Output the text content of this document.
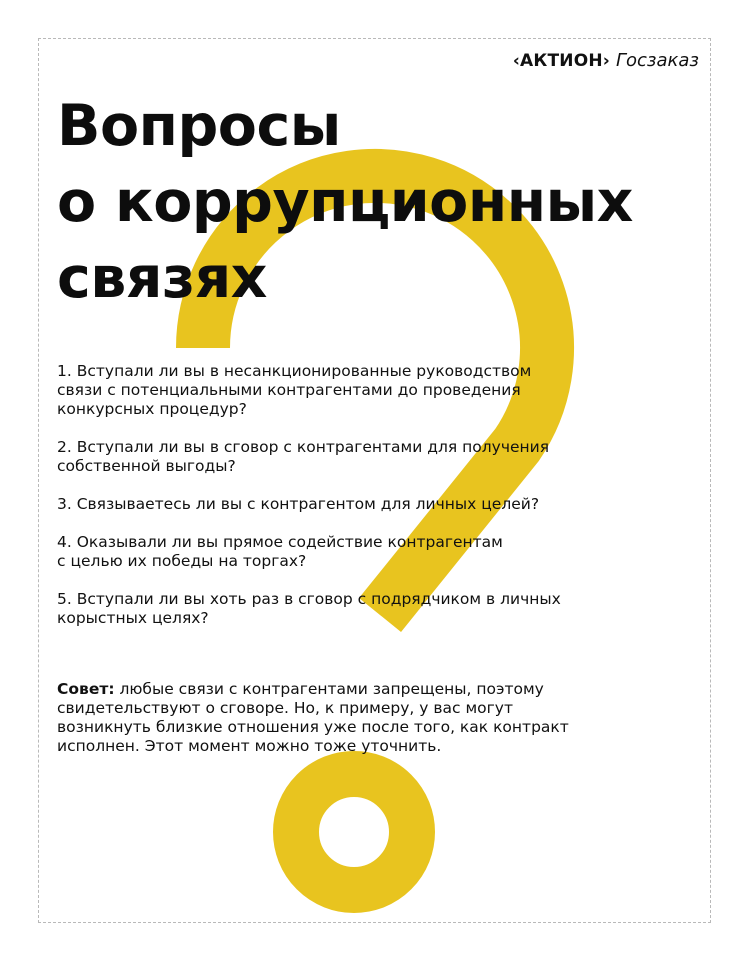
‹АКТИОН› Госзаказ
Вопросы
о коррупционных
связях
1. Вступали ли вы в несанкционированные руководством
связи с потенциальными контрагентами до проведения
конкурсных процедур?
2. Вступали ли вы в сговор с контрагентами для получения
собственной выгоды?
3. Связываетесь ли вы с контрагентом для личных целей?
4. Оказывали ли вы прямое содействие контрагентам
с целью их победы на торгах?
5. Вступали ли вы хоть раз в сговор с подрядчиком в личных
корыстных целях?
Совет: любые связи с контрагентами запрещены, поэтому
свидетельствуют о сговоре. Но, к примеру, у вас могут
возникнуть близкие отношения уже после того, как контракт
исполнен. Этот момент можно тоже уточнить.
